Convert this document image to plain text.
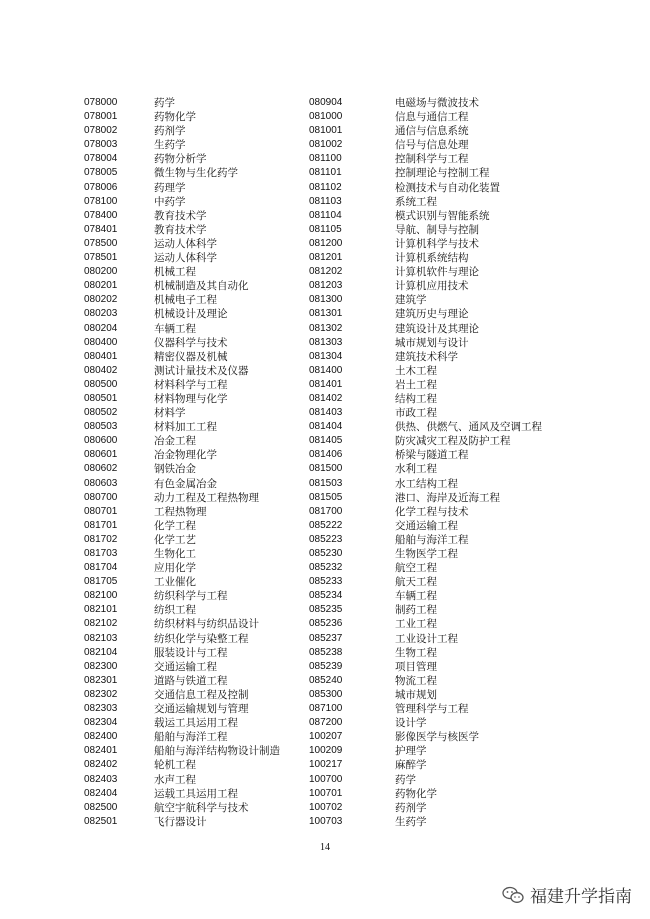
078000	药学
078001	药物化学
078002	药剂学
078003	生药学
078004	药物分析学
078005	微生物与生化药学
078006	药理学
078100	中药学
078400	教育技术学
078401	教育技术学
078500	运动人体科学
078501	运动人体科学
080200	机械工程
080201	机械制造及其自动化
080202	机械电子工程
080203	机械设计及理论
080204	车辆工程
080400	仪器科学与技术
080401	精密仪器及机械
080402	测试计量技术及仪器
080500	材料科学与工程
080501	材料物理与化学
080502	材料学
080503	材料加工工程
080600	冶金工程
080601	冶金物理化学
080602	钢铁冶金
080603	有色金属冶金
080700	动力工程及工程热物理
080701	工程热物理
081701	化学工程
081702	化学工艺
081703	生物化工
081704	应用化学
081705	工业催化
082100	纺织科学与工程
082101	纺织工程
082102	纺织材料与纺织品设计
082103	纺织化学与染整工程
082104	服装设计与工程
082300	交通运输工程
082301	道路与铁道工程
082302	交通信息工程及控制
082303	交通运输规划与管理
082304	载运工具运用工程
082400	船舶与海洋工程
082401	船舶与海洋结构物设计制造
082402	轮机工程
082403	水声工程
082404	运载工具运用工程
082500	航空宇航科学与技术
082501	飞行器设计
080904	电磁场与微波技术
081000	信息与通信工程
081001	通信与信息系统
081002	信号与信息处理
081100	控制科学与工程
081101	控制理论与控制工程
081102	检测技术与自动化装置
081103	系统工程
081104	模式识别与智能系统
081105	导航、制导与控制
081200	计算机科学与技术
081201	计算机系统结构
081202	计算机软件与理论
081203	计算机应用技术
081300	建筑学
081301	建筑历史与理论
081302	建筑设计及其理论
081303	城市规划与设计
081304	建筑技术科学
081400	土木工程
081401	岩土工程
081402	结构工程
081403	市政工程
081404	供热、供燃气、通风及空调工程
081405	防灾减灾工程及防护工程
081406	桥梁与隧道工程
081500	水利工程
081503	水工结构工程
081505	港口、海岸及近海工程
081700	化学工程与技术
085222	交通运输工程
085223	船舶与海洋工程
085230	生物医学工程
085232	航空工程
085233	航天工程
085234	车辆工程
085235	制药工程
085236	工业工程
085237	工业设计工程
085238	生物工程
085239	项目管理
085240	物流工程
085300	城市规划
087100	管理科学与工程
087200	设计学
100207	影像医学与核医学
100209	护理学
100217	麻醉学
100700	药学
100701	药物化学
100702	药剂学
100703	生药学
14
福建升学指南
